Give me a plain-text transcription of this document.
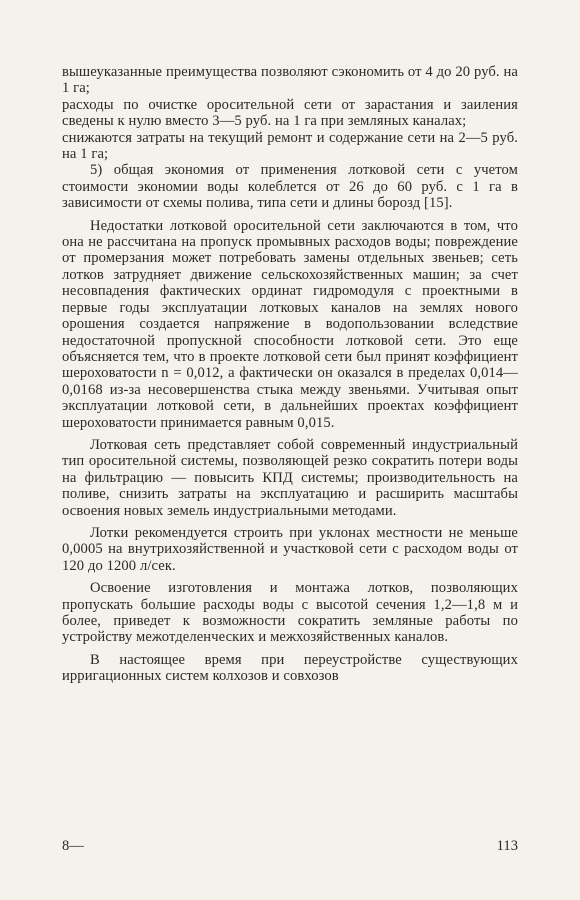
вышеуказанные преимущества позволяют сэкономить от 4 до 20 руб. на 1 га;

расходы по очистке оросительной сети от зарастания и заиления сведены к нулю вместо 3—5 руб. на 1 га при земляных каналах;

снижаются затраты на текущий ремонт и содержание сети на 2—5 руб. на 1 га;

5) общая экономия от применения лотковой сети с учетом стоимости экономии воды колеблется от 26 до 60 руб. с 1 га в зависимости от схемы полива, типа сети и длины борозд [15].

Недостатки лотковой оросительной сети заключаются в том, что она не рассчитана на пропуск промывных расходов воды; повреждение от промерзания может потребовать замены отдельных звеньев; сеть лотков затрудняет движение сельскохозяйственных машин; за счет несовпадения фактических ординат гидромодуля с проектными в первые годы эксплуатации лотковых каналов на землях нового орошения создается напряжение в водопользовании вследствие недостаточной пропускной способности лотковой сети. Это еще объясняется тем, что в проекте лотковой сети был принят коэффициент шероховатости n = 0,012, а фактически он оказался в пределах 0,014—0,0168 из-за несовершенства стыка между звеньями. Учитывая опыт эксплуатации лотковой сети, в дальнейших проектах коэффициент шероховатости принимается равным 0,015.

Лотковая сеть представляет собой современный индустриальный тип оросительной системы, позволяющей резко сократить потери воды на фильтрацию — повысить КПД системы; производительность на поливе, снизить затраты на эксплуатацию и расширить масштабы освоения новых земель индустриальными методами.

Лотки рекомендуется строить при уклонах местности не меньше 0,0005 на внутрихозяйственной и участковой сети с расходом воды от 120 до 1200 л/сек.

Освоение изготовления и монтажа лотков, позволяющих пропускать большие расходы воды с высотой сечения 1,2—1,8 м и более, приведет к возможности сократить земляные работы по устройству межотделенческих и межхозяйственных каналов.

В настоящее время при переустройстве существующих ирригационных систем колхозов и совхозов

8—	113
